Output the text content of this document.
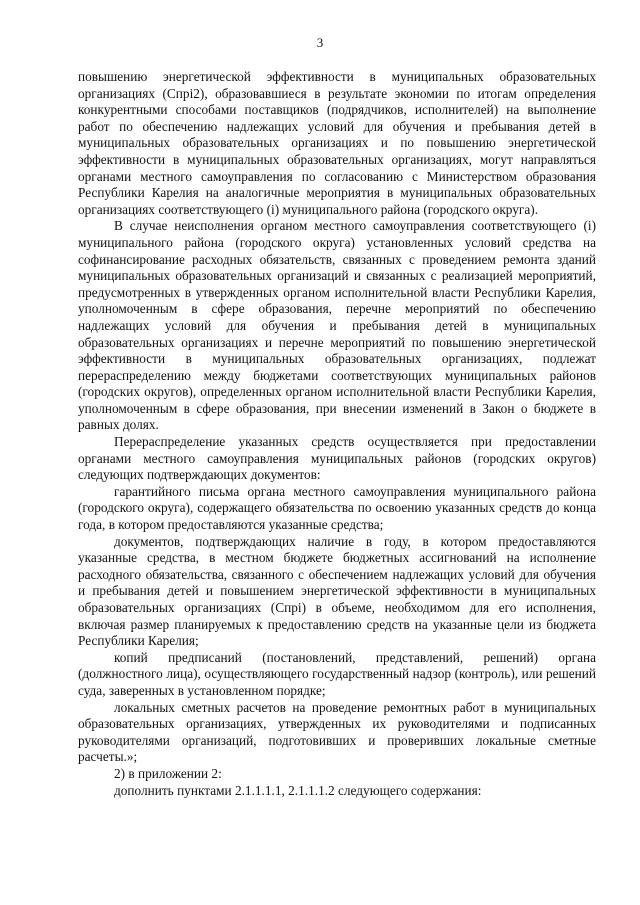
3

повышению энергетической эффективности в муниципальных образовательных организациях (Спрі2), образовавшиеся в результате экономии по итогам определения конкурентными способами поставщиков (подрядчиков, исполнителей) на выполнение работ по обеспечению надлежащих условий для обучения и пребывания детей в муниципальных образовательных организациях и по повышению энергетической эффективности в муниципальных образовательных организациях, могут направляться органами местного самоуправления по согласованию с Министерством образования Республики Карелия на аналогичные мероприятия в муниципальных образовательных организациях соответствующего (i) муниципального района (городского округа).

В случае неисполнения органом местного самоуправления соответствующего (i) муниципального района (городского округа) установленных условий средства на софинансирование расходных обязательств, связанных с проведением ремонта зданий муниципальных образовательных организаций и связанных с реализацией мероприятий, предусмотренных в утвержденных органом исполнительной власти Республики Карелия, уполномоченным в сфере образования, перечне мероприятий по обеспечению надлежащих условий для обучения и пребывания детей в муниципальных образовательных организациях и перечне мероприятий по повышению энергетической эффективности в муниципальных образовательных организациях, подлежат перераспределению между бюджетами соответствующих муниципальных районов (городских округов), определенных органом исполнительной власти Республики Карелия, уполномоченным в сфере образования, при внесении изменений в Закон о бюджете в равных долях.

Перераспределение указанных средств осуществляется при предоставлении органами местного самоуправления муниципальных районов (городских округов) следующих подтверждающих документов:

гарантийного письма органа местного самоуправления муниципального района (городского округа), содержащего обязательства по освоению указанных средств до конца года, в котором предоставляются указанные средства;

документов, подтверждающих наличие в году, в котором предоставляются указанные средства, в местном бюджете бюджетных ассигнований на исполнение расходного обязательства, связанного с обеспечением надлежащих условий для обучения и пребывания детей и повышением энергетической эффективности в муниципальных образовательных организациях (Спрі) в объеме, необходимом для его исполнения, включая размер планируемых к предоставлению средств на указанные цели из бюджета Республики Карелия;

копий предписаний (постановлений, представлений, решений) органа (должностного лица), осуществляющего государственный надзор (контроль), или решений суда, заверенных в установленном порядке;

локальных сметных расчетов на проведение ремонтных работ в муниципальных образовательных организациях, утвержденных их руководителями и подписанных руководителями организаций, подготовивших и проверивших локальные сметные расчеты.»;

2) в приложении 2:

дополнить пунктами 2.1.1.1.1, 2.1.1.1.2 следующего содержания:
